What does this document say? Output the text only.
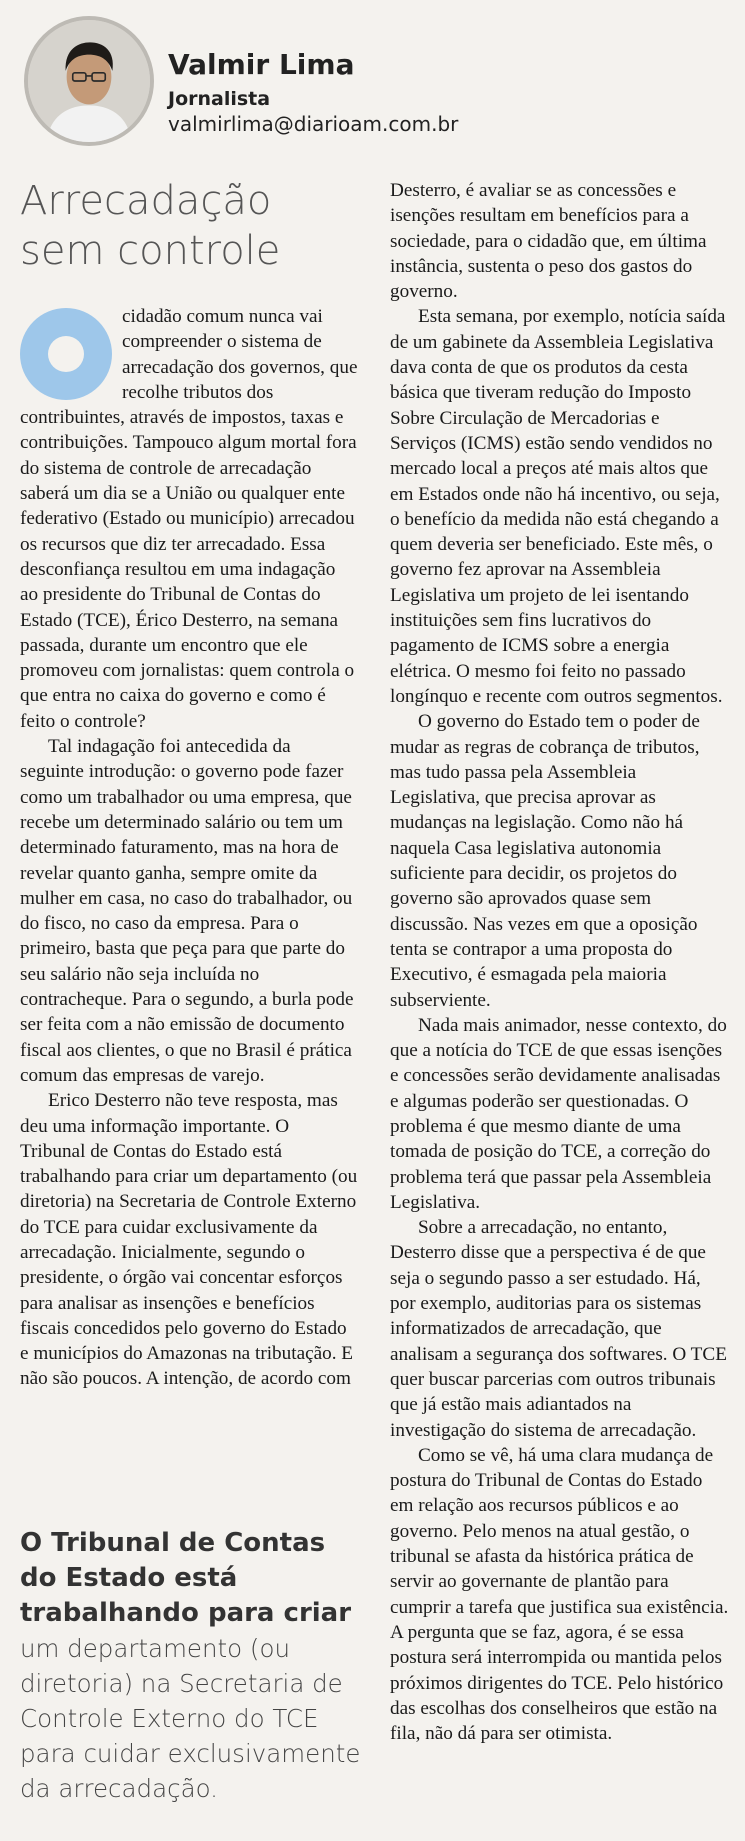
Valmir Lima
Jornalista
valmirlima@diarioam.com.br
Arrecadação sem controle

cidadão comum nunca vai compreender o sistema de arrecadação dos governos, que recolhe tributos dos contribuintes, através de impostos, taxas e contribuições. Tampouco algum mortal fora do sistema de controle de arrecadação saberá um dia se a União ou qualquer ente federativo (Estado ou município) arrecadou os recursos que diz ter arrecadado. Essa desconfiança resultou em uma indagação ao presidente do Tribunal de Contas do Estado (TCE), Érico Desterro, na semana passada, durante um encontro que ele promoveu com jornalistas: quem controla o que entra no caixa do governo e como é feito o controle?

Tal indagação foi antecedida da seguinte introdução: o governo pode fazer como um trabalhador ou uma empresa, que recebe um determinado salário ou tem um determinado faturamento, mas na hora de revelar quanto ganha, sempre omite da mulher em casa, no caso do trabalhador, ou do fisco, no caso da empresa. Para o primeiro, basta que peça para que parte do seu salário não seja incluída no contracheque. Para o segundo, a burla pode ser feita com a não emissão de documento fiscal aos clientes, o que no Brasil é prática comum das empresas de varejo.

Erico Desterro não teve resposta, mas deu uma informação importante. O Tribunal de Contas do Estado está trabalhando para criar um departamento (ou diretoria) na Secretaria de Controle Externo do TCE para cuidar exclusivamente da arrecadação. Inicialmente, segundo o presidente, o órgão vai concentar esforços para analisar as insenções e benefícios fiscais concedidos pelo governo do Estado e municípios do Amazonas na tributação. E não são poucos. A intenção, de acordo com

Desterro, é avaliar se as concessões e isenções resultam em benefícios para a sociedade, para o cidadão que, em última instância, sustenta o peso dos gastos do governo.

Esta semana, por exemplo, notícia saída de um gabinete da Assembleia Legislativa dava conta de que os produtos da cesta básica que tiveram redução do Imposto Sobre Circulação de Mercadorias e Serviços (ICMS) estão sendo vendidos no mercado local a preços até mais altos que em Estados onde não há incentivo, ou seja, o benefício da medida não está chegando a quem deveria ser beneficiado. Este mês, o governo fez aprovar na Assembleia Legislativa um projeto de lei isentando instituições sem fins lucrativos do pagamento de ICMS sobre a energia elétrica. O mesmo foi feito no passado longínquo e recente com outros segmentos.

O governo do Estado tem o poder de mudar as regras de cobrança de tributos, mas tudo passa pela Assembleia Legislativa, que precisa aprovar as mudanças na legislação. Como não há naquela Casa legislativa autonomia suficiente para decidir, os projetos do governo são aprovados quase sem discussão. Nas vezes em que a oposição tenta se contrapor a uma proposta do Executivo, é esmagada pela maioria subserviente.

Nada mais animador, nesse contexto, do que a notícia do TCE de que essas isenções e concessões serão devidamente analisadas e algumas poderão ser questionadas. O problema é que mesmo diante de uma tomada de posição do TCE, a correção do problema terá que passar pela Assembleia Legislativa.

Sobre a arrecadação, no entanto, Desterro disse que a perspectiva é de que seja o segundo passo a ser estudado. Há, por exemplo, auditorias para os sistemas informatizados de arrecadação, que analisam a segurança dos softwares. O TCE quer buscar parcerias com outros tribunais que já estão mais adiantados na investigação do sistema de arrecadação.

Como se vê, há uma clara mudança de postura do Tribunal de Contas do Estado em relação aos recursos públicos e ao governo. Pelo menos na atual gestão, o tribunal se afasta da histórica prática de servir ao governante de plantão para cumprir a tarefa que justifica sua existência. A pergunta que se faz, agora, é se essa postura será interrompida ou mantida pelos próximos dirigentes do TCE. Pelo histórico das escolhas dos conselheiros que estão na fila, não dá para ser otimista.

O Tribunal de Contas do Estado está trabalhando para criar
um departamento (ou diretoria) na Secretaria de Controle Externo do TCE para cuidar exclusivamente da arrecadação.
